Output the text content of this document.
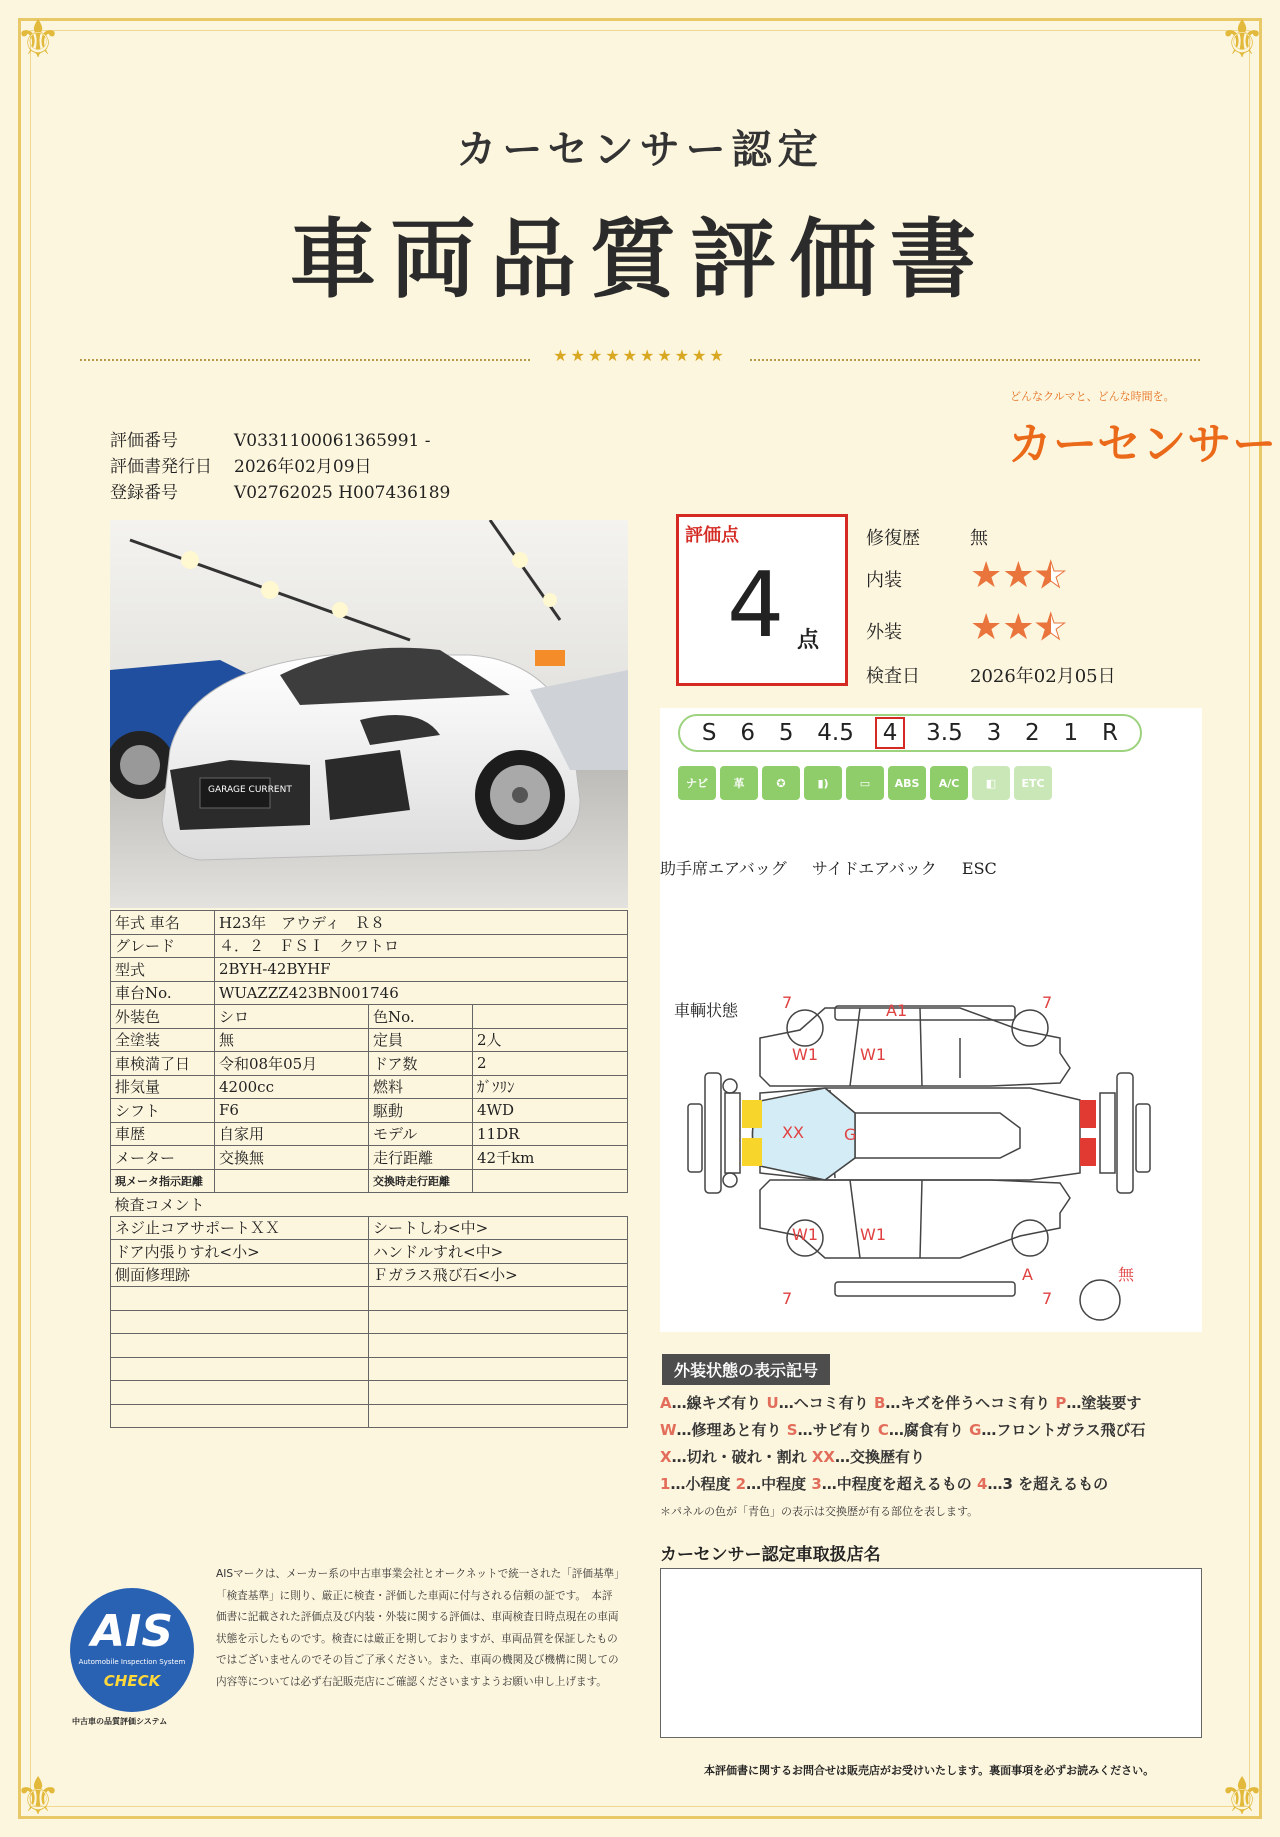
⚜	⚜
⚜	⚜
カーセンサー認定
車両品質評価書
★★★★★★★★★★
どんなクルマと、どんな時間を。
カーセンサー
評価番号	V0331100061365991 -
評価書発行日	2026年02月09日
登録番号	V02762025 H007436189
GARAGE CURRENT
年式 車名	H23年　アウディ　Ｒ８		
グレード	４．２　ＦＳＩ　クワトロ		
型式	2BYH-42BYHF		
車台No.	WUAZZZ423BN001746		
外装色	シロ	色No.	
全塗装	無	定員	2人
車検満了日	令和08年05月	ドア数	2
排気量	4200cc	燃料	ｶﾞｿﾘﾝ
シフト	F6	駆動	4WD
車歴	自家用	モデル	11DR
メーター	交換無	走行距離	42千km
現メータ指示距離		交換時走行距離	
検査コメント			
ネジ止コアサポートＸＸ		シートしわ<中>	
ドア内張りすれ<小>		ハンドルすれ<中>	
側面修理跡		Ｆガラス飛び石<小>	

評価点
4 点
修復歴	無
内装 ★★★
外装 ★★★
検査日	2026年02月05日
S 6 5 4.5	4	3.5 3 2 1 R
ナビ	革	✪	▮)	▭	ABS	A/C	◧	ETC
助手席エアバッグ サイドエアバック ESC
車輌状態	7	A1	7
W1	W1
XX	G
W1	W1
A
7	7
無
外装状態の表示記号
A…線キズ有り U…ヘコミ有り B…キズを伴うヘコミ有り P…塗装要す
W…修理あと有り S…サビ有り C…腐食有り G…フロントガラス飛び石
X…切れ・破れ・割れ XX…交換歴有り
1…小程度 2…中程度 3…中程度を超えるもの 4…3 を超えるもの
＊パネルの色が「青色」の表示は交換歴が有る部位を表します。
カーセンサー認定車取扱店名
AIS
Automobile Inspection System
CHECK
中古車の品質評価システム
AISマークは、メーカー系の中古車事業会社とオークネットで統一された「評価基準」「検査基準」に則り、厳正に検査・評価した車両に付与される信頼の証です。　本評価書に記載された評価点及び内装・外装に関する評価は、車両検査日時点現在の車両状態を示したものです。検査には厳正を期しておりますが、車両品質を保証したものではございませんのでその旨ご了承ください。また、車両の機関及び機構に関しての内容等については必ず右記販売店にご確認くださいますようお願い申し上げます。
本評価書に関するお問合せは販売店がお受けいたします。裏面事項を必ずお読みください。
